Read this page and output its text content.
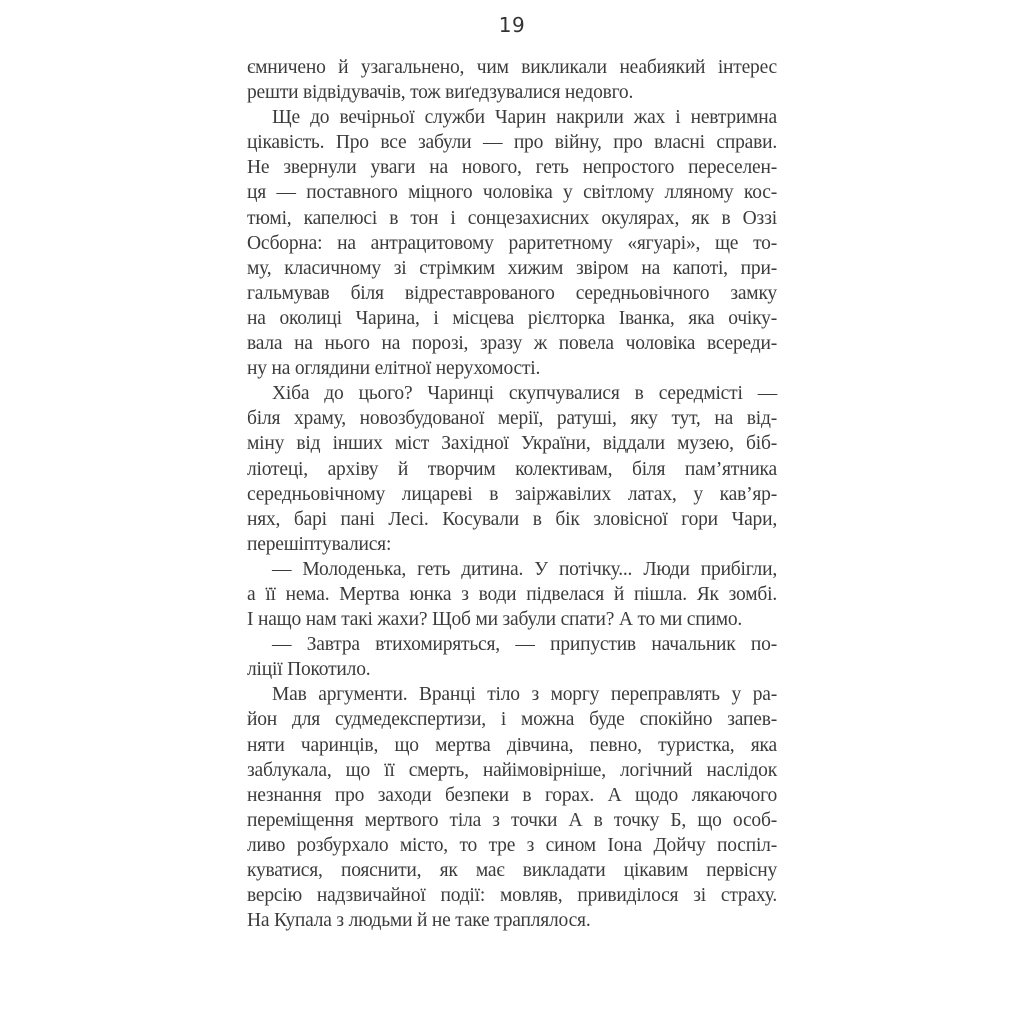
19

ємничено й узагальнено, чим викликали неабиякий інтерес
решти відвідувачів, тож виґедзувалися недовго.

Ще до вечірньої служби Чарин накрили жах і невтримна
цікавість. Про все забули — про війну, про власні справи.
Не звернули уваги на нового, геть непростого переселен-
ця — поставного міцного чоловіка у світлому лляному кос-
тюмі, капелюсі в тон і сонцезахисних окулярах, як в Оззі
Осборна: на антрацитовому раритетному «ягуарі», ще то-
му, класичному зі стрімким хижим звіром на капоті, при-
гальмував біля відреставрованого середньовічного замку
на околиці Чарина, і місцева рієлторка Іванка, яка очіку-
вала на нього на порозі, зразу ж повела чоловіка всереди-
ну на оглядини елітної нерухомості.

Хіба до цього? Чаринці скупчувалися в середмісті —
біля храму, новозбудованої мерії, ратуші, яку тут, на від-
міну від інших міст Західної України, віддали музею, біб-
ліотеці, архіву й творчим колективам, біля пам’ятника
середньовічному лицареві в заіржавілих латах, у кав’яр-
нях, барі пані Лесі. Косували в бік зловісної гори Чари,
перешіптувалися:

— Молоденька, геть дитина. У потічку... Люди прибігли,
а її нема. Мертва юнка з води підвелася й пішла. Як зомбі.
І нащо нам такі жахи? Щоб ми забули спати? А то ми спимо.

— Завтра втихомиряться, — припустив начальник по-
ліції Покотило.

Мав аргументи. Вранці тіло з моргу переправлять у ра-
йон для судмедекспертизи, і можна буде спокійно запев-
няти чаринців, що мертва дівчина, певно, туристка, яка
заблукала, що її смерть, найімовірніше, логічний наслідок
незнання про заходи безпеки в горах. А щодо лякаючого
переміщення мертвого тіла з точки А в точку Б, що особ-
ливо розбурхало місто, то тре з сином Іона Дойчу поспіл-
куватися, пояснити, як має викладати цікавим первісну
версію надзвичайної події: мовляв, привиділося зі страху.
На Купала з людьми й не таке траплялося.
